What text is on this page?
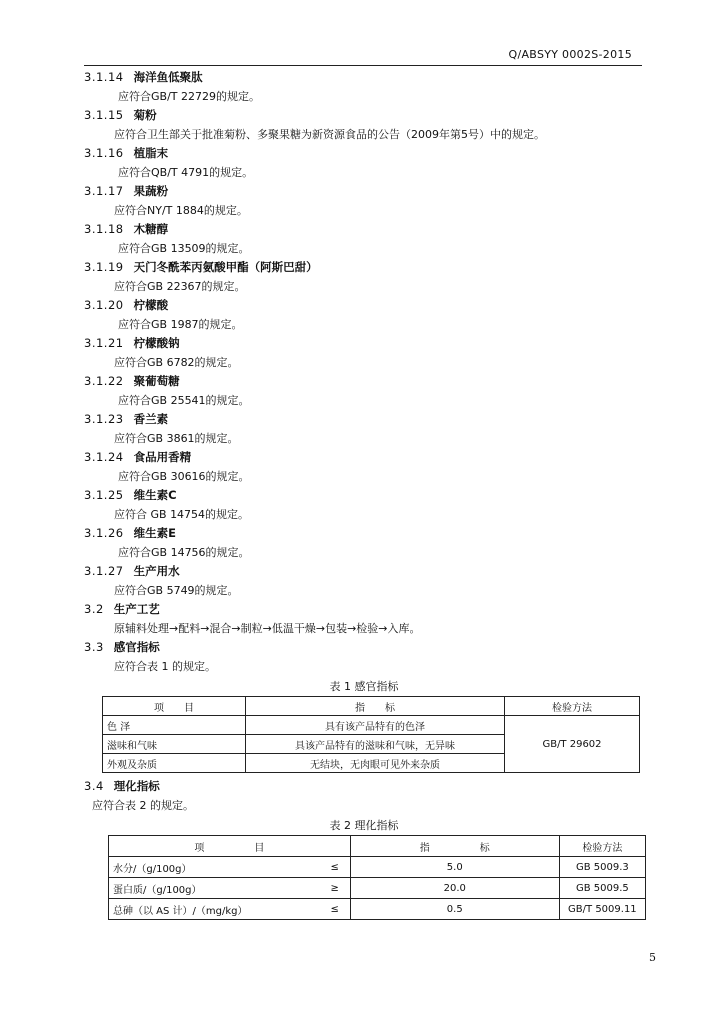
Q/ABSYY 0002S-2015
3.1.14 海洋鱼低聚肽
应符合GB/T 22729的规定。
3.1.15 菊粉
应符合卫生部关于批准菊粉、多聚果糖为新资源食品的公告（2009年第5号）中的规定。
3.1.16 植脂末
应符合QB/T 4791的规定。
3.1.17 果蔬粉
应符合NY/T 1884的规定。
3.1.18 木糖醇
应符合GB 13509的规定。
3.1.19 天门冬酰苯丙氨酸甲酯（阿斯巴甜）
应符合GB 22367的规定。
3.1.20 柠檬酸
应符合GB 1987的规定。
3.1.21 柠檬酸钠
应符合GB 6782的规定。
3.1.22 聚葡萄糖
应符合GB 25541的规定。
3.1.23 香兰素
应符合GB 3861的规定。
3.1.24 食品用香精
应符合GB 30616的规定。
3.1.25 维生素C
应符合 GB 14754的规定。
3.1.26 维生素E
应符合GB 14756的规定。
3.1.27 生产用水
应符合GB 5749的规定。
3.2 生产工艺
原辅料处理→配料→混合→制粒→低温干燥→包装→检验→入库。
3.3 感官指标
应符合表 1 的规定。
表 1 感官指标
项　　目	指　　标	检验方法
色 泽	具有该产品特有的色泽	GB/T 29602
滋味和气味	具该产品特有的滋味和气味，无异味	
外观及杂质	无结块，无肉眼可见外来杂质	
3.4 理化指标
应符合表 2 的规定。
表 2 理化指标
项　　　　　目		指　　　　　标	检验方法
水分/（g/100g）	≤	5.0	GB 5009.3
蛋白质/（g/100g）	≥	20.0	GB 5009.5
总砷（以 AS 计）/（mg/kg）	≤	0.5	GB/T 5009.11
5
